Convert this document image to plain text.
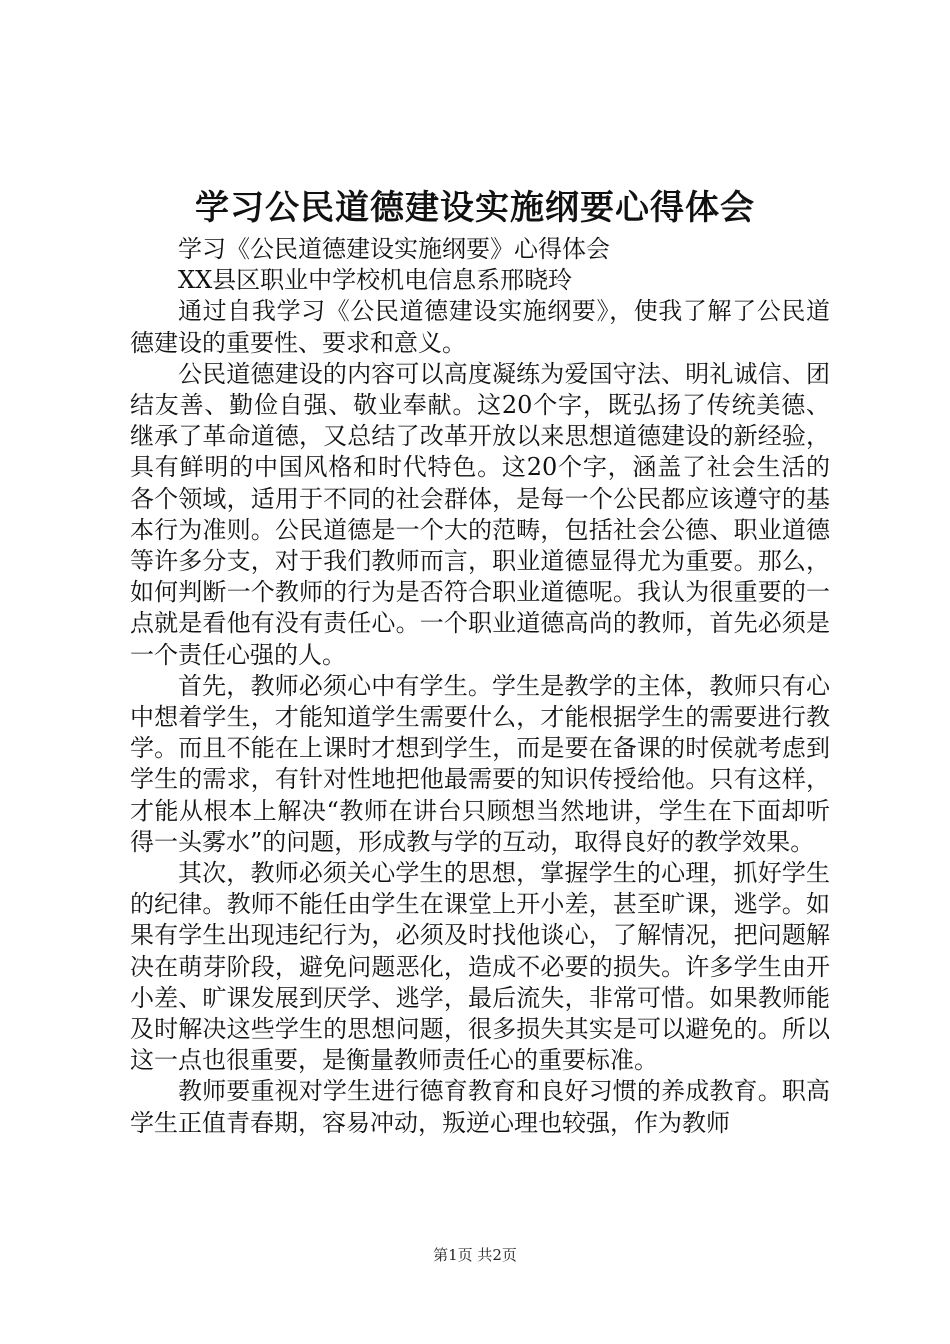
学习公民道德建设实施纲要心得体会

学习《公民道德建设实施纲要》心得体会

XX县区职业中学校机电信息系邢晓玲

通过自我学习《公民道德建设实施纲要》，使我了解了公民道德建设的重要性、要求和意义。

公民道德建设的内容可以高度凝练为爱国守法、明礼诚信、团结友善、勤俭自强、敬业奉献。这20个字，既弘扬了传统美德、继承了革命道德，又总结了改革开放以来思想道德建设的新经验，具有鲜明的中国风格和时代特色。这20个字，涵盖了社会生活的各个领域，适用于不同的社会群体，是每一个公民都应该遵守的基本行为准则。公民道德是一个大的范畴，包括社会公德、职业道德等许多分支，对于我们教师而言，职业道德显得尤为重要。那么，如何判断一个教师的行为是否符合职业道德呢。我认为很重要的一点就是看他有没有责任心。一个职业道德高尚的教师，首先必须是一个责任心强的人。

首先，教师必须心中有学生。学生是教学的主体，教师只有心中想着学生，才能知道学生需要什么，才能根据学生的需要进行教学。而且不能在上课时才想到学生，而是要在备课的时侯就考虑到学生的需求，有针对性地把他最需要的知识传授给他。只有这样，才能从根本上解决“教师在讲台只顾想当然地讲，学生在下面却听得一头雾水”的问题，形成教与学的互动，取得良好的教学效果。

其次，教师必须关心学生的思想，掌握学生的心理，抓好学生的纪律。教师不能任由学生在课堂上开小差，甚至旷课，逃学。如果有学生出现违纪行为，必须及时找他谈心，了解情况，把问题解决在萌芽阶段，避免问题恶化，造成不必要的损失。许多学生由开小差、旷课发展到厌学、逃学，最后流失，非常可惜。如果教师能及时解决这些学生的思想问题，很多损失其实是可以避免的。所以这一点也很重要，是衡量教师责任心的重要标准。

教师要重视对学生进行德育教育和良好习惯的养成教育。职高学生正值青春期，容易冲动，叛逆心理也较强，作为教师

第1页 共2页
